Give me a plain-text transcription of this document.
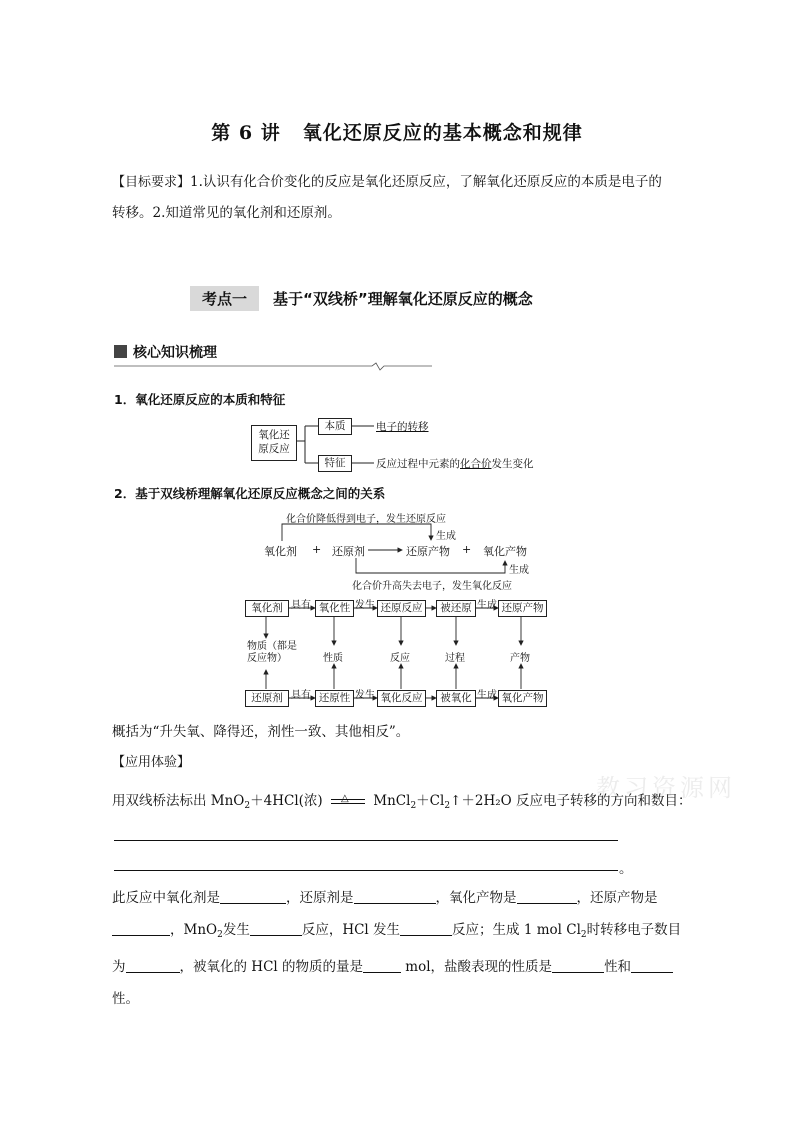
第 6 讲 氧化还原反应的基本概念和规律
【目标要求】1.认识有化合价变化的反应是氧化还原反应，了解氧化还原反应的本质是电子的
转移。2.知道常见的氧化剂和还原剂。
考点一 基于“双线桥”理解氧化还原反应的概念
核心知识梳理
1．氧化还原反应的本质和特征
氧化还
原反应
本质
特征
电子的转移
反应过程中元素的化合价发生变化
2．基于双线桥理解氧化还原反应概念之间的关系
化合价降低得到电子，发生还原反应
生成
生成
化合价升高失去电子，发生氧化反应
氧化剂 + 还原剂	还原产物 + 氧化产物
氧化剂	氧化性	还原反应	被还原	还原产物
具有	发生	生成
物质（都是反应物）	性质	反应	过程	产物
还原剂	还原性	氧化反应	被氧化	氧化产物
具有	发生	生成
概括为“升失氧、降得还，剂性一致、其他相反”。
【应用体验】
教习资源网
用双线桥法标出 MnO$_2$＋4HCl(浓) △ $MnCl_2+Cl_2↑+2H_2O$ 反应电子转移的方向和数目：
。
此反应中氧化剂是	，还原剂是	，氧化产物是	，还原产物是
，MnO$_2$发生	反应，HCl 发生	反应；生成 1 mol $Cl_2$时转移电子数目
为	，被氧化的 HCl 的物质的量是	mol，盐酸表现的性质是	性和
性。
